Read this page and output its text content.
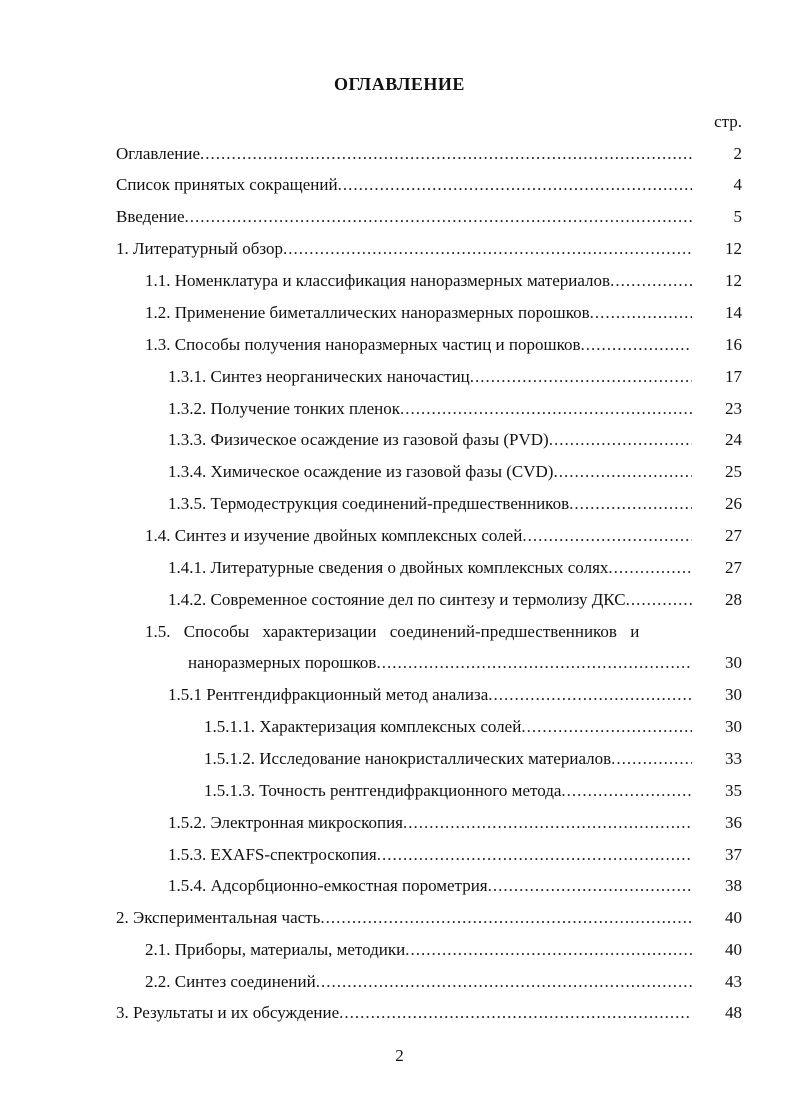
ОГЛАВЛЕНИЕ
стр.
Оглавление .....	2
Список принятых сокращений .....	4
Введение .....	5
1. Литературный обзор .....	12
1.1. Номенклатура и классификация наноразмерных материалов .....	12
1.2. Применение биметаллических наноразмерных порошков .....	14
1.3. Способы получения наноразмерных частиц и порошков .....	16
1.3.1. Синтез неорганических наночастиц .....	17
1.3.2. Получение тонких пленок .....	23
1.3.3. Физическое осаждение из газовой фазы (PVD) .....	24
1.3.4. Химическое осаждение из газовой фазы (CVD) .....	25
1.3.5. Термодеструкция соединений-предшественников .....	26
1.4. Синтез и изучение двойных комплексных солей .....	27
1.4.1. Литературные сведения о двойных комплексных солях .....	27
1.4.2. Современное состояние дел по синтезу и термолизу ДКС .....	28
1.5. Способы характеризации соединений-предшественников и
наноразмерных порошков .....	30
1.5.1 Рентгендифракционный метод анализа .....	30
1.5.1.1. Характеризация комплексных солей .....	30
1.5.1.2. Исследование нанокристаллических материалов .....	33
1.5.1.3. Точность рентгендифракционного метода .....	35
1.5.2. Электронная микроскопия .....	36
1.5.3. EXAFS-спектроскопия .....	37
1.5.4. Адсорбционно-емкостная порометрия .....	38
2. Экспериментальная часть .....	40
2.1. Приборы, материалы, методики .....	40
2.2. Синтез соединений .....	43
3. Результаты и их обсуждение .....	48
2
